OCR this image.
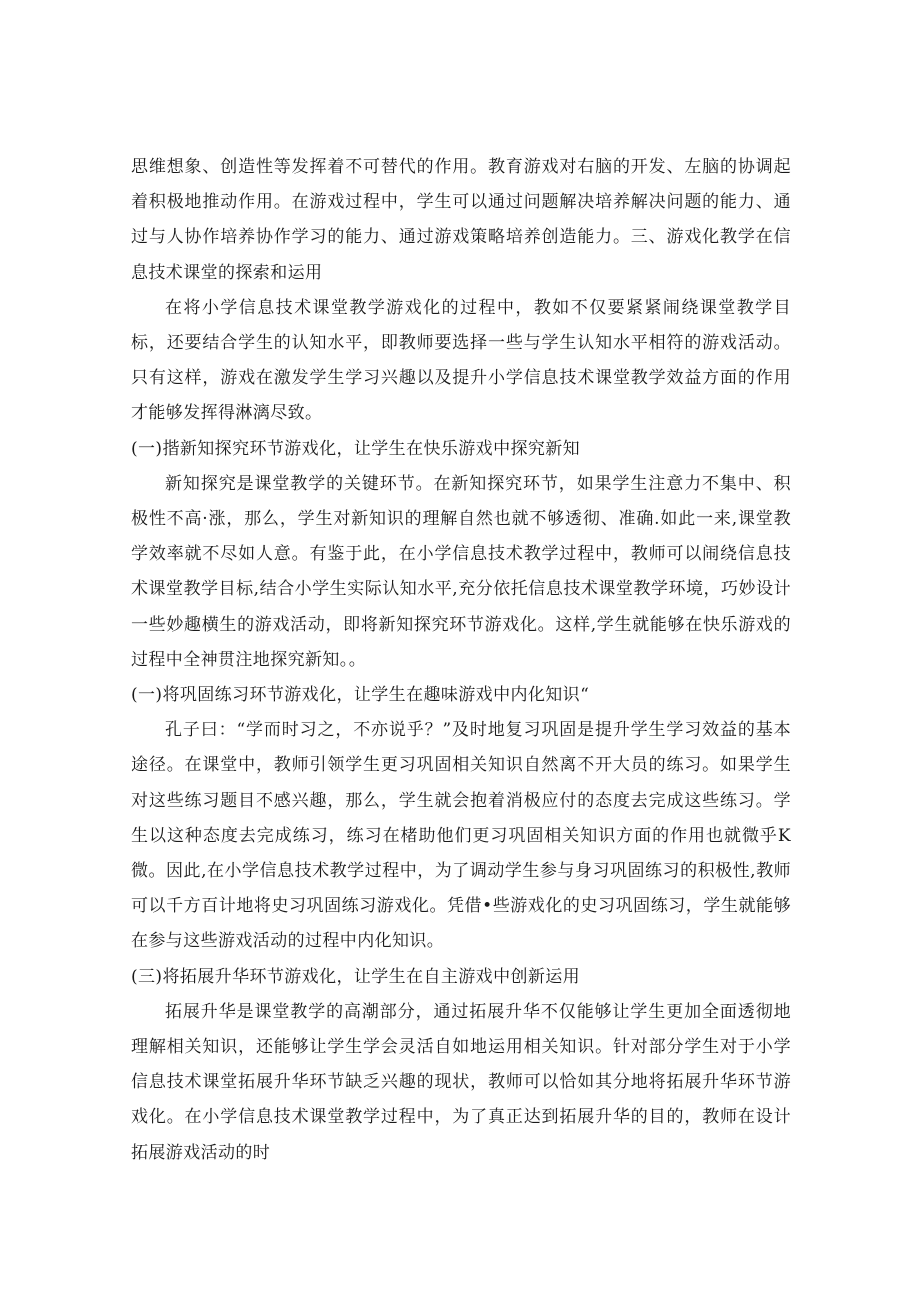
思维想象、创造性等发挥着不可替代的作用。教育游戏对右脑的开发、左脑的协调起着积极地推动作用。在游戏过程中，学生可以通过问题解决培养解决问题的能力、通过与人协作培养协作学习的能力、通过游戏策略培养创造能力。三、游戏化教学在信息技术课堂的探索和运用

在将小学信息技术课堂教学游戏化的过程中，教如不仅要紧紧闹绕课堂教学目标，还要结合学生的认知水平，即教师要选择一些与学生认知水平相符的游戏活动。只有这样，游戏在激发学生学习兴趣以及提升小学信息技术课堂教学效益方面的作用才能够发挥得淋漓尽致。

(一)揩新知探究环节游戏化，让学生在快乐游戏中探究新知

新知探究是课堂教学的关键环节。在新知探究环节，如果学生注意力不集中、积极性不高·涨，那么，学生对新知识的理解自然也就不够透彻、准确.如此一来,课堂教学效率就不尽如人意。有鉴于此，在小学信息技术教学过程中，教师可以闹绕信息技术课堂教学目标,结合小学生实际认知水平,充分依托信息技术课堂教学环境，巧妙设计一些妙趣横生的游戏活动，即将新知探究环节游戏化。这样,学生就能够在快乐游戏的过程中全神贯注地探究新知。。

(一)将巩固练习环节游戏化，让学生在趣味游戏中内化知识“

孔子曰：“学而时习之，不亦说乎？”及时地复习巩固是提升学生学习效益的基本途径。在课堂中，教师引领学生更习巩固相关知识自然离不开大员的练习。如果学生对这些练习题目不感兴趣，那么，学生就会抱着消极应付的态度去完成这些练习。学生以这种态度去完成练习，练习在楮助他们更习巩固相关知识方面的作用也就微乎K微。因此,在小学信息技术教学过程中，为了调动学生参与身习巩固练习的积极性,教师可以千方百计地将史习巩固练习游戏化。凭借•些游戏化的史习巩固练习，学生就能够在参与这些游戏活动的过程中内化知识。

(三)将拓展升华环节游戏化，让学生在自主游戏中创新运用

拓展升华是课堂教学的高潮部分，通过拓展升华不仅能够让学生更加全面透彻地理解相关知识，还能够让学生学会灵活自如地运用相关知识。针对部分学生对于小学信息技术课堂拓展升华环节缺乏兴趣的现状，教师可以恰如其分地将拓展升华环节游戏化。在小学信息技术课堂教学过程中，为了真正达到拓展升华的目的，教师在设计拓展游戏活动的时
